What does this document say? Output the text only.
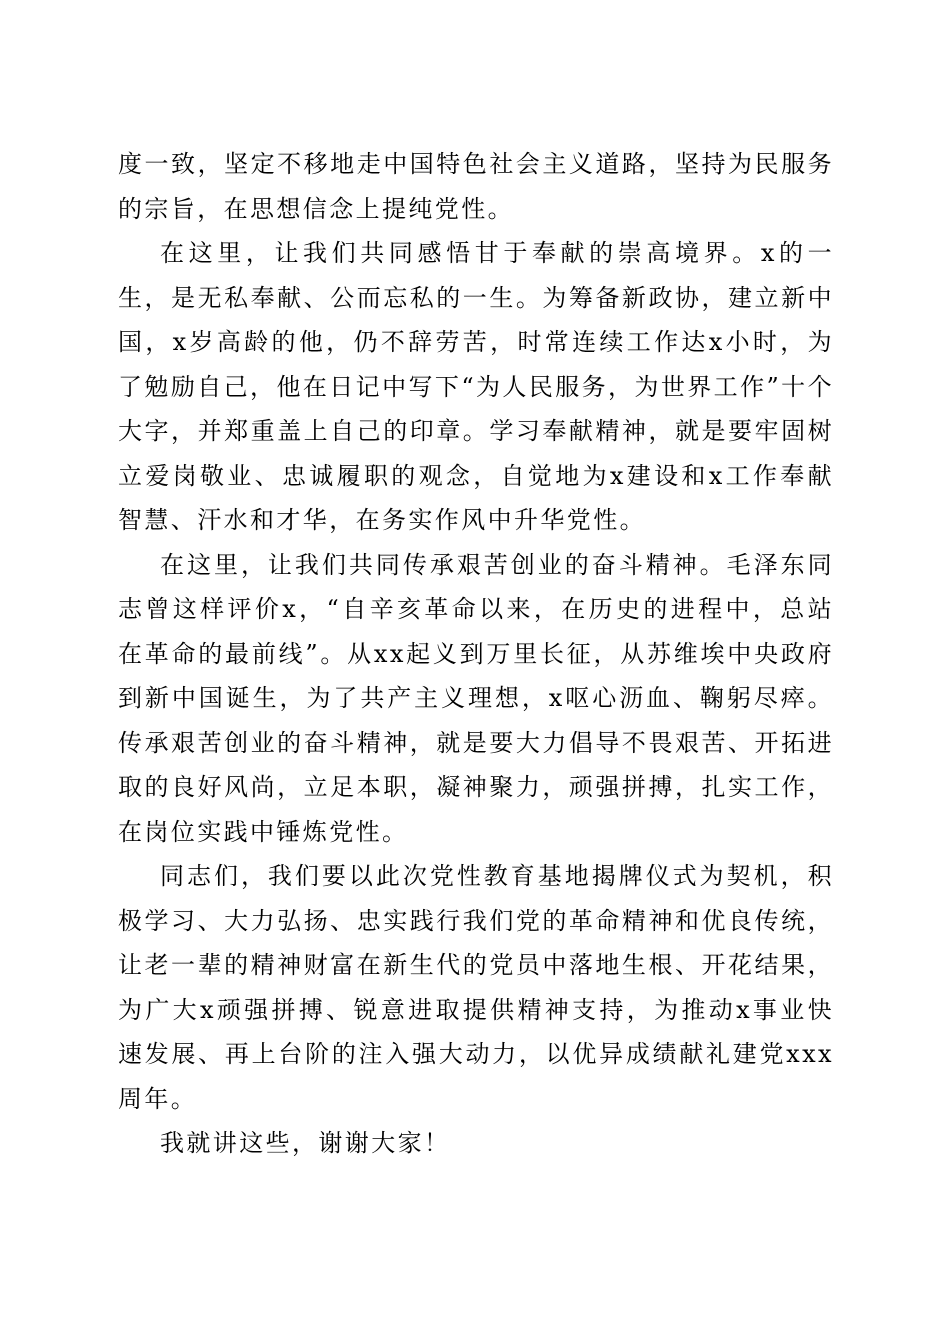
度一致，坚定不移地走中国特色社会主义道路，坚持为民服务的宗旨，在思想信念上提纯党性。

在这里，让我们共同感悟甘于奉献的崇高境界。x的一生，是无私奉献、公而忘私的一生。为筹备新政协，建立新中国，x岁高龄的他，仍不辞劳苦，时常连续工作达x小时，为了勉励自己，他在日记中写下“为人民服务，为世界工作”十个大字，并郑重盖上自己的印章。学习奉献精神，就是要牢固树立爱岗敬业、忠诚履职的观念，自觉地为x建设和x工作奉献智慧、汗水和才华，在务实作风中升华党性。

在这里，让我们共同传承艰苦创业的奋斗精神。毛泽东同志曾这样评价x，“自辛亥革命以来，在历史的进程中，总站在革命的最前线”。从xx起义到万里长征，从苏维埃中央政府到新中国诞生，为了共产主义理想，x呕心沥血、鞠躬尽瘁。传承艰苦创业的奋斗精神，就是要大力倡导不畏艰苦、开拓进取的良好风尚，立足本职，凝神聚力，顽强拼搏，扎实工作，在岗位实践中锤炼党性。

同志们，我们要以此次党性教育基地揭牌仪式为契机，积极学习、大力弘扬、忠实践行我们党的革命精神和优良传统，让老一辈的精神财富在新生代的党员中落地生根、开花结果，为广大x顽强拼搏、锐意进取提供精神支持，为推动x事业快速发展、再上台阶的注入强大动力，以优异成绩献礼建党xxx周年。

我就讲这些，谢谢大家！
